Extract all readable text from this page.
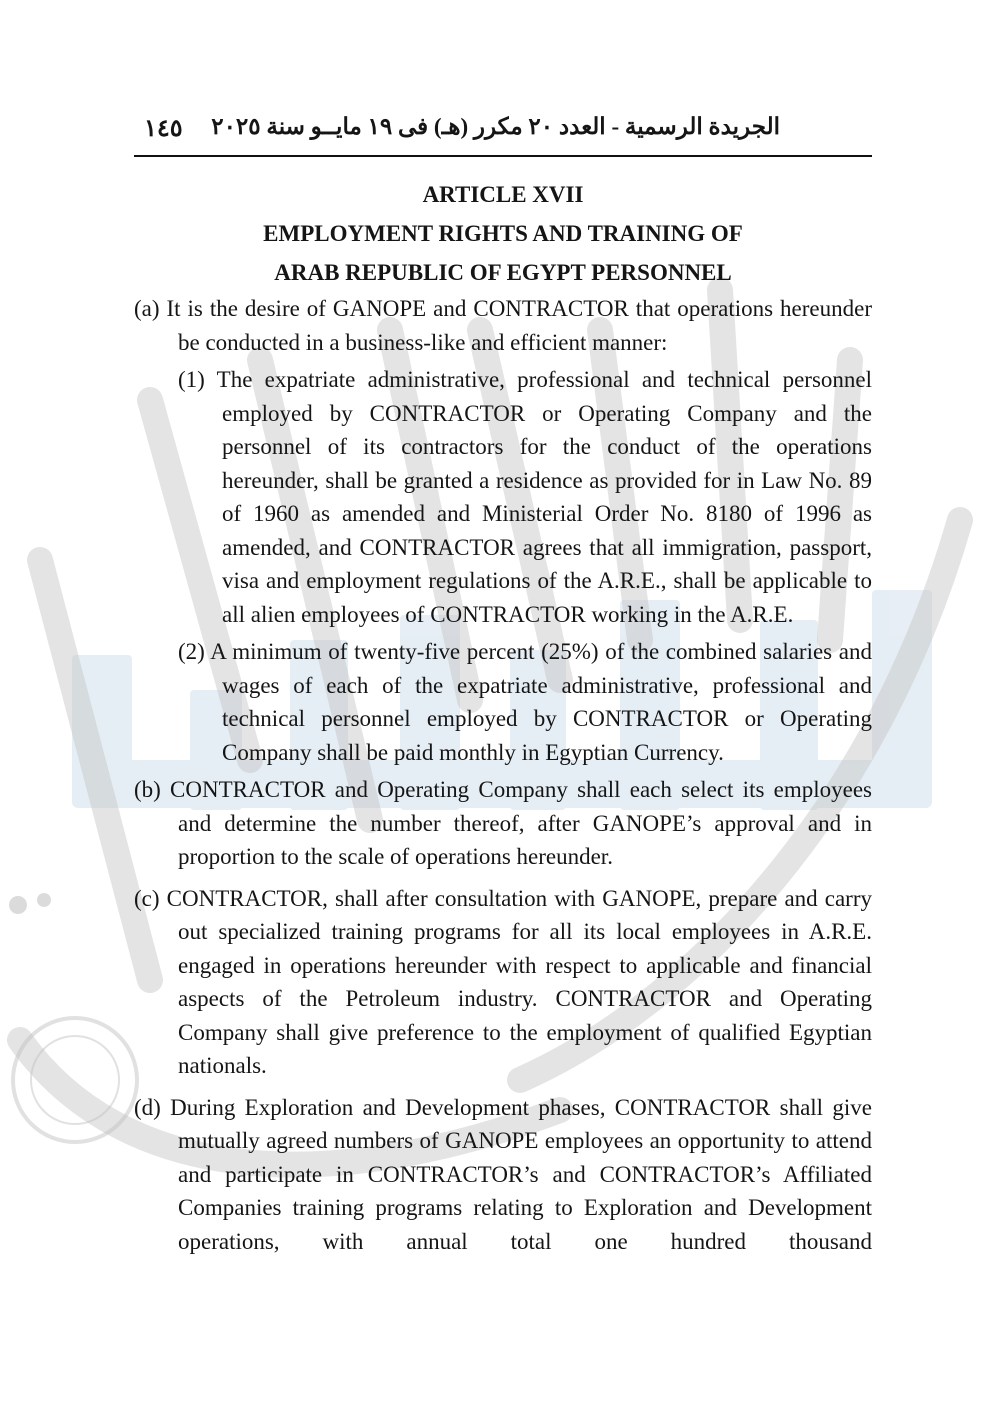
١٤٥ الجريدة الرسمية - العدد ٢٠ مكرر (هـ) فى ١٩ مايــو سنة ٢٠٢٥

ARTICLE XVII

EMPLOYMENT RIGHTS AND TRAINING OF

ARAB REPUBLIC OF EGYPT PERSONNEL

(a) It is the desire of GANOPE and CONTRACTOR that operations hereunder be conducted in a business-like and efficient manner:

(1) The expatriate administrative, professional and technical personnel employed by CONTRACTOR or Operating Company and the personnel of its contractors for the conduct of the operations hereunder, shall be granted a residence as provided for in Law No. 89 of 1960 as amended and Ministerial Order No. 8180 of 1996 as amended, and CONTRACTOR agrees that all immigration, passport, visa and employment regulations of the A.R.E., shall be applicable to all alien employees of CONTRACTOR working in the A.R.E.

(2) A minimum of twenty-five percent (25%) of the combined salaries and wages of each of the expatriate administrative, professional and technical personnel employed by CONTRACTOR or Operating Company shall be paid monthly in Egyptian Currency.

(b) CONTRACTOR and Operating Company shall each select its employees and determine the number thereof, after GANOPE’s approval and in proportion to the scale of operations hereunder.

(c) CONTRACTOR, shall after consultation with GANOPE, prepare and carry out specialized training programs for all its local employees in A.R.E. engaged in operations hereunder with respect to applicable and financial aspects of the Petroleum industry. CONTRACTOR and Operating Company shall give preference to the employment of qualified Egyptian nationals.

(d) During Exploration and Development phases, CONTRACTOR shall give mutually agreed numbers of GANOPE employees an opportunity to attend and participate in CONTRACTOR’s and CONTRACTOR’s Affiliated Companies training programs relating to Exploration and Development operations, with annual total one hundred thousand
